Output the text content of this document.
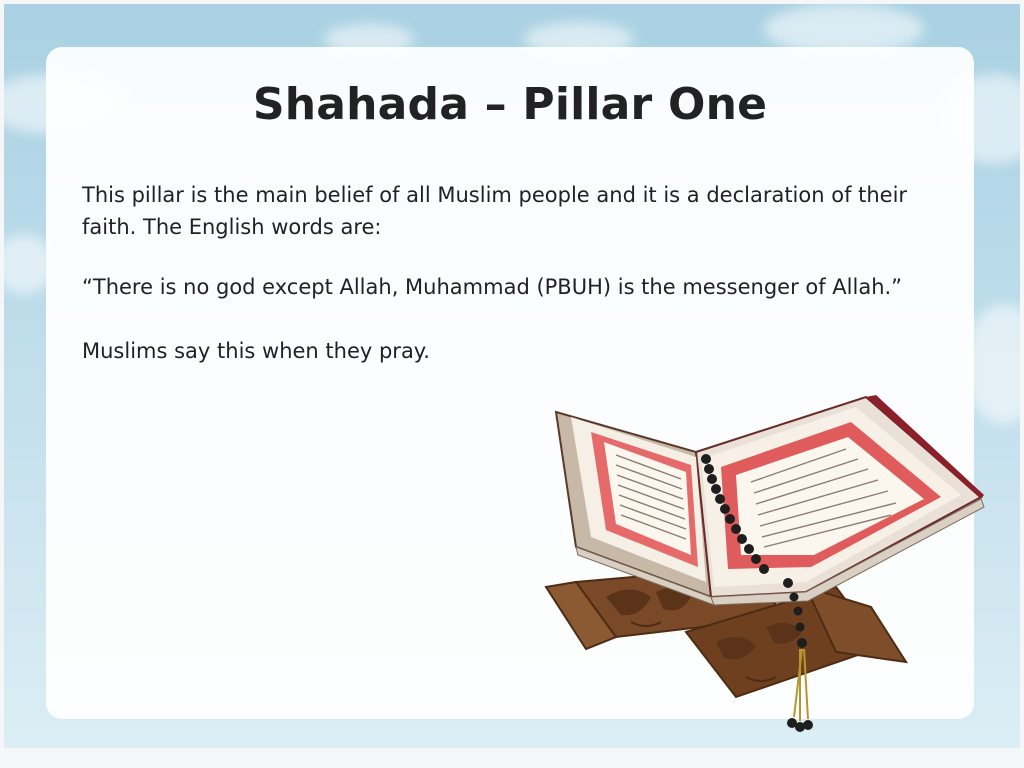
Shahada – Pillar One

This pillar is the main belief of all Muslim people and it is a declaration of their faith. The English words are:

“There is no god except Allah, Muhammad (PBUH) is the messenger of Allah.”

Muslims say this when they pray.
